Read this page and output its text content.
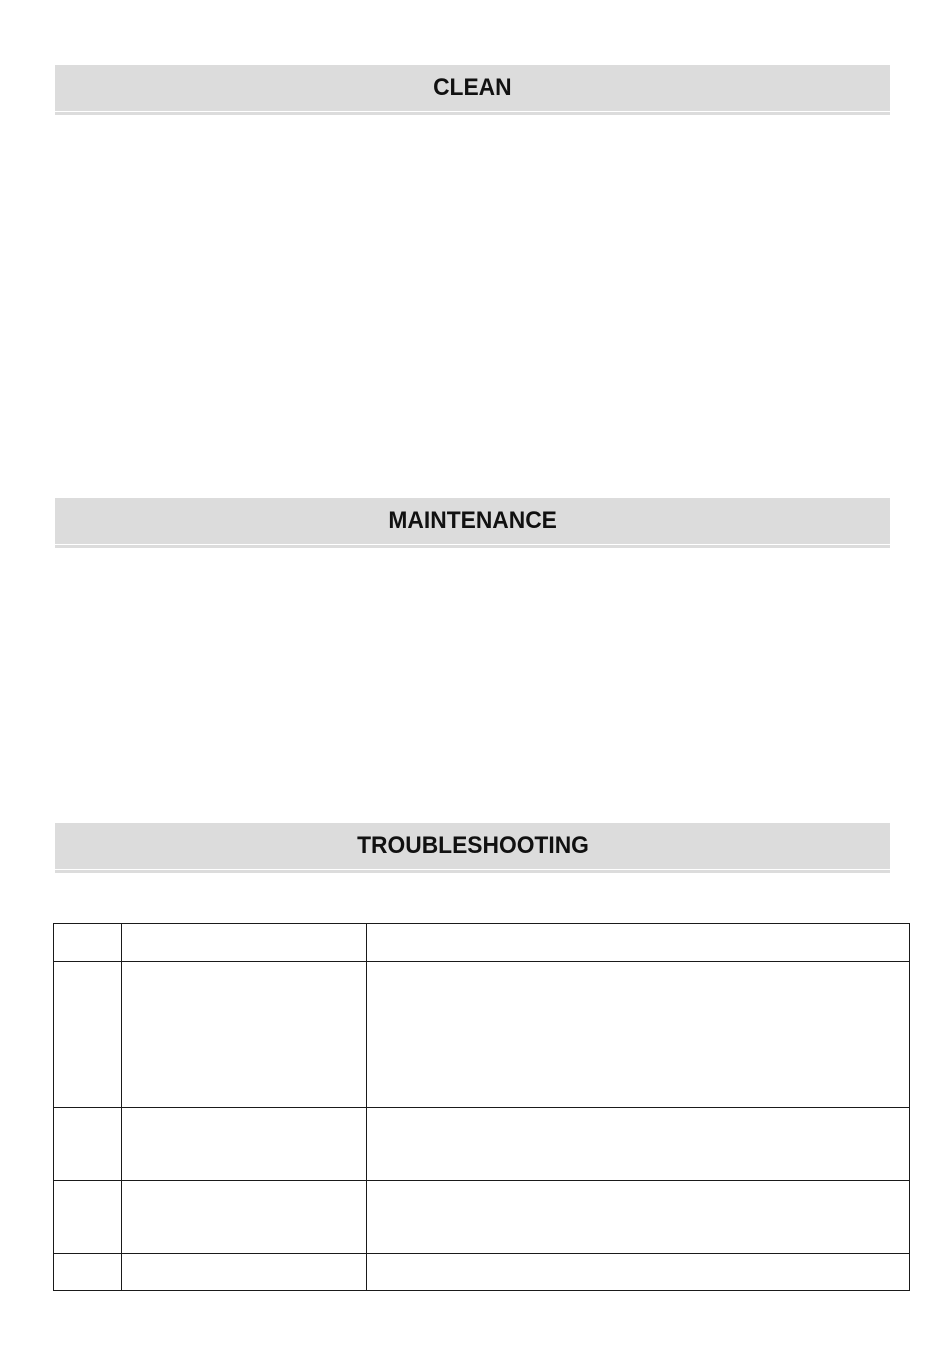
CLEAN
MAINTENANCE
TROUBLESHOOTING
